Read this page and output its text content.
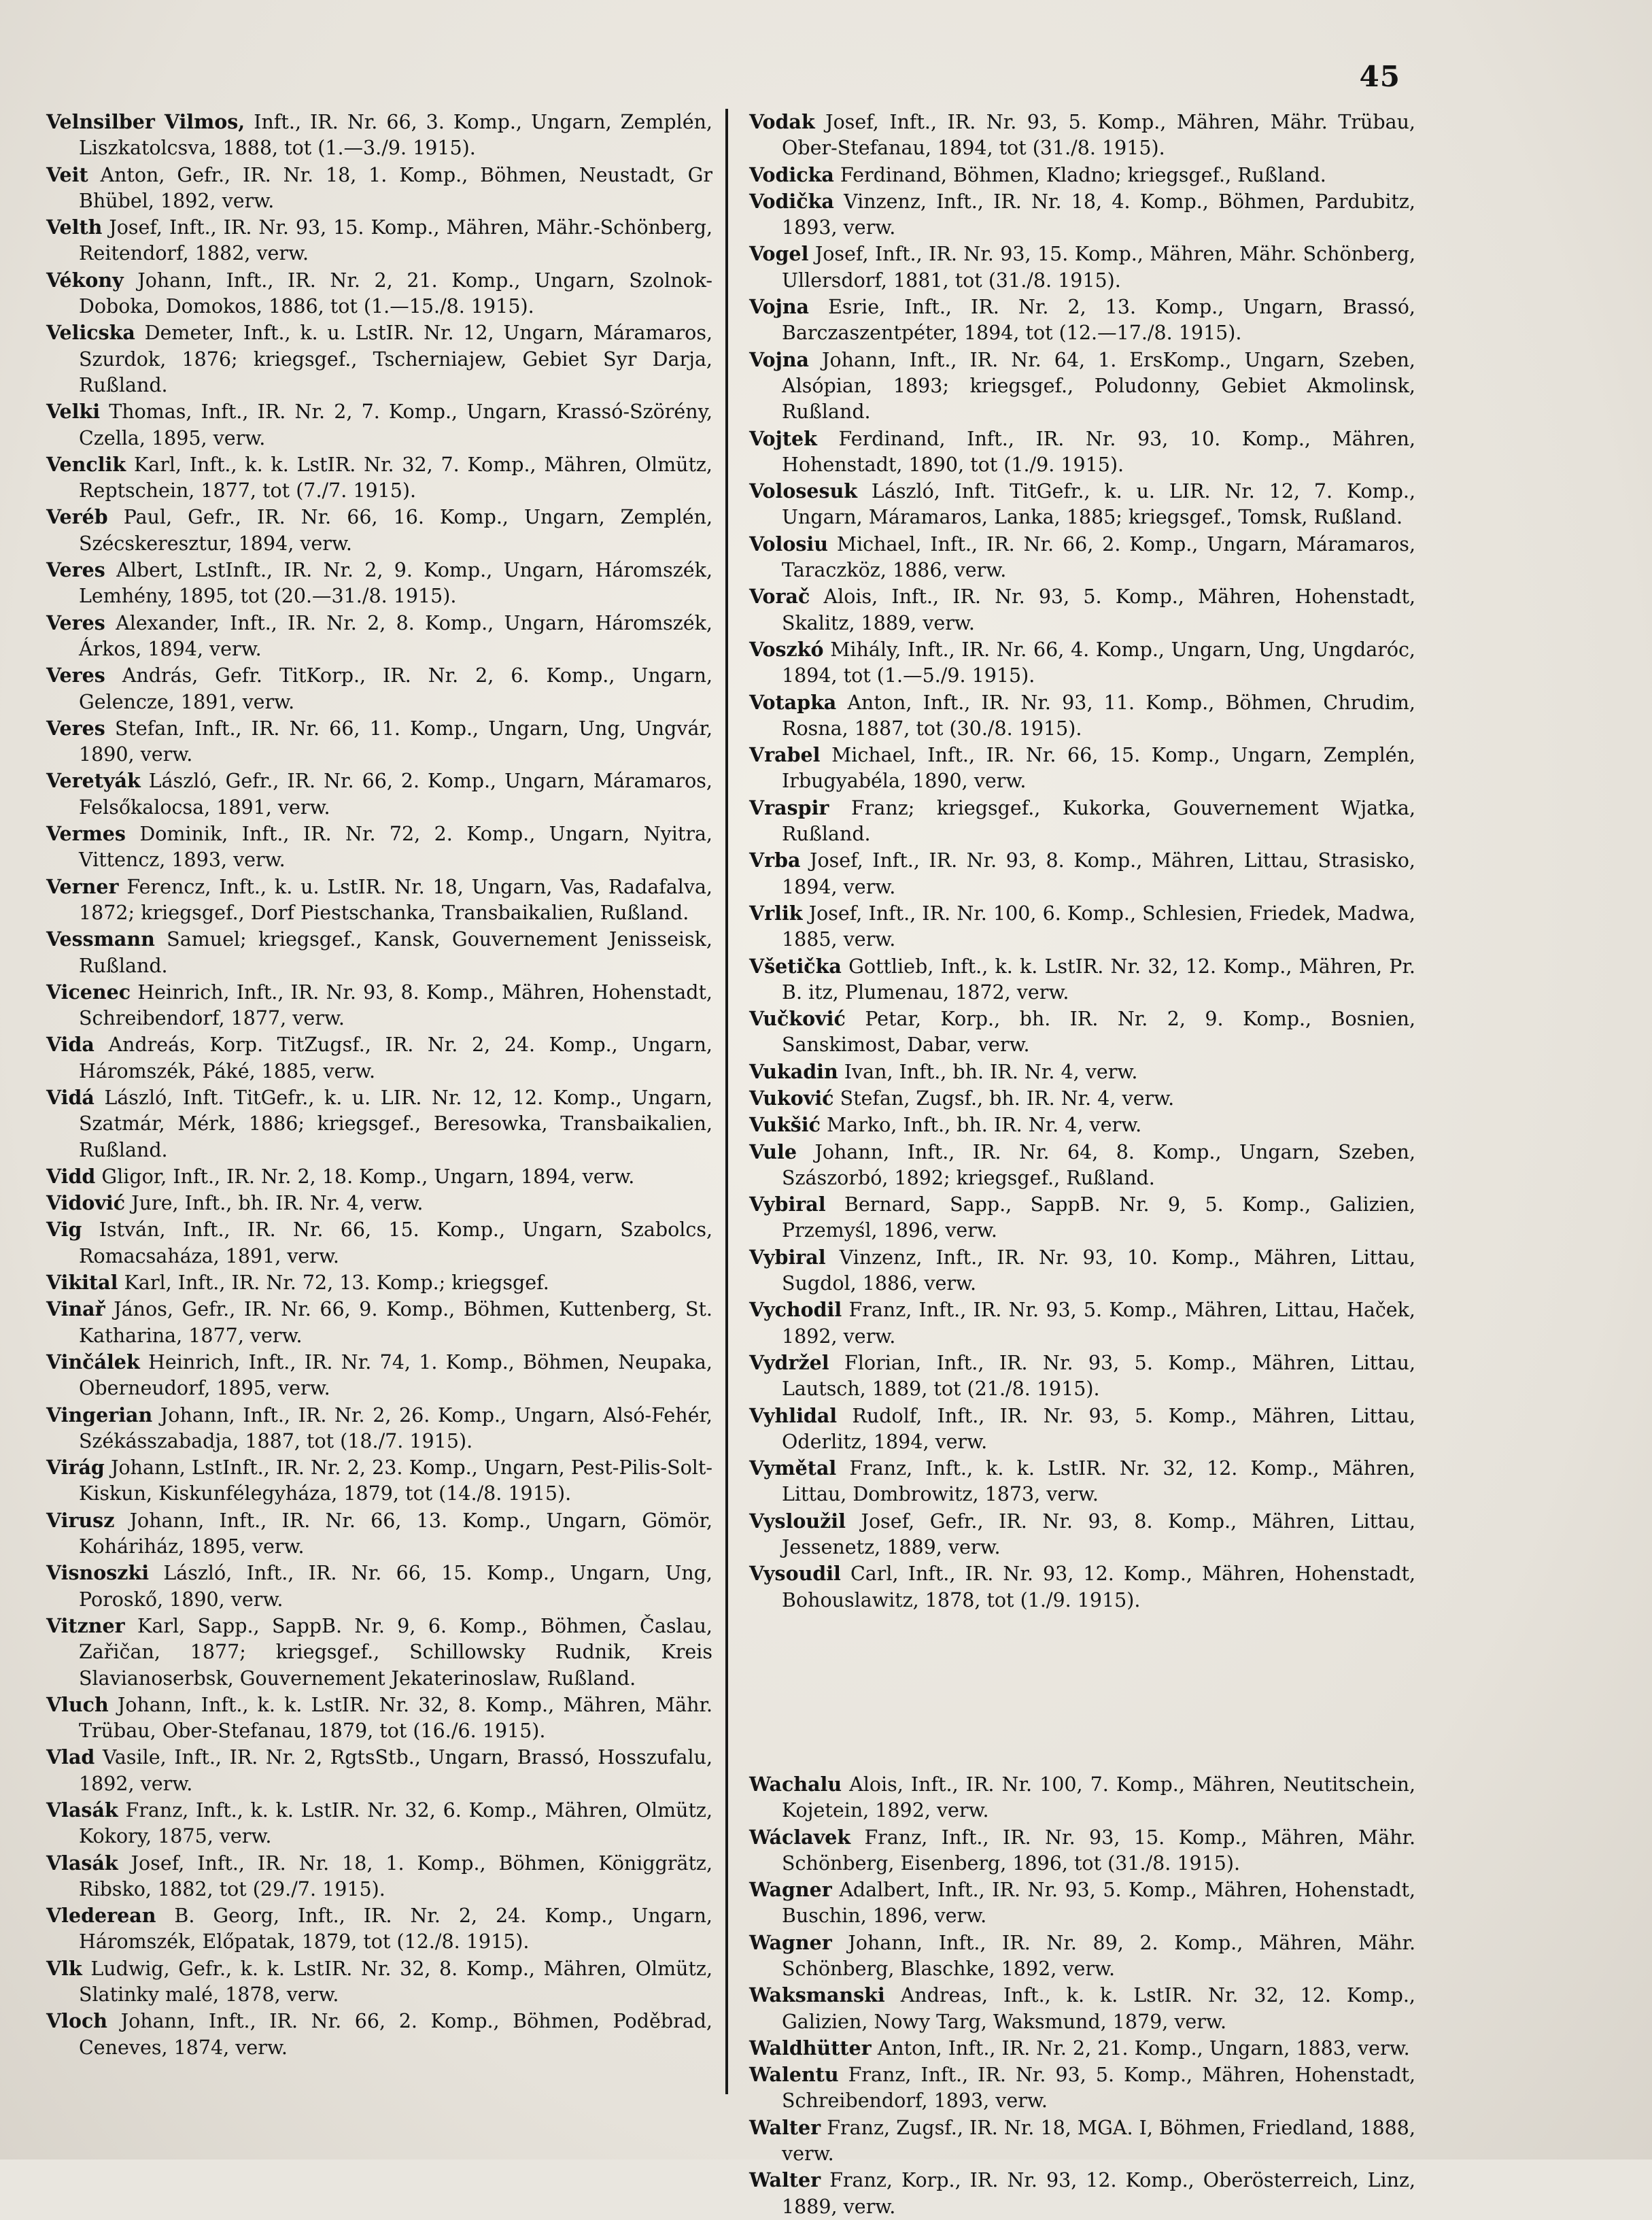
45

Velnsilber Vilmos, Inft., IR. Nr. 66, 3. Komp., Ungarn, Zemplén, Liszkatolcsva, 1888, tot (1.—3./9. 1915).

Veit Anton, Gefr., IR. Nr. 18, 1. Komp., Böhmen, Neustadt, Gr Bhübel, 1892, verw.

Velth Josef, Inft., IR. Nr. 93, 15. Komp., Mähren, Mähr.-Schönberg, Reitendorf, 1882, verw.

Vékony Johann, Inft., IR. Nr. 2, 21. Komp., Ungarn, Szolnok-Doboka, Domokos, 1886, tot (1.—15./8. 1915).

Velicska Demeter, Inft., k. u. LstIR. Nr. 12, Ungarn, Máramaros, Szurdok, 1876; kriegsgef., Tscherniajew, Gebiet Syr Darja, Rußland.

Velki Thomas, Inft., IR. Nr. 2, 7. Komp., Ungarn, Krassó-Szörény, Czella, 1895, verw.

Venclik Karl, Inft., k. k. LstIR. Nr. 32, 7. Komp., Mähren, Olmütz, Reptschein, 1877, tot (7./7. 1915).

Veréb Paul, Gefr., IR. Nr. 66, 16. Komp., Ungarn, Zemplén, Szécskeresztur, 1894, verw.

Veres Albert, LstInft., IR. Nr. 2, 9. Komp., Ungarn, Háromszék, Lemhény, 1895, tot (20.—31./8. 1915).

Veres Alexander, Inft., IR. Nr. 2, 8. Komp., Ungarn, Háromszék, Árkos, 1894, verw.

Veres András, Gefr. TitKorp., IR. Nr. 2, 6. Komp., Ungarn, Gelencze, 1891, verw.

Veres Stefan, Inft., IR. Nr. 66, 11. Komp., Ungarn, Ung, Ungvár, 1890, verw.

Veretyák László, Gefr., IR. Nr. 66, 2. Komp., Ungarn, Máramaros, Felsőkalocsa, 1891, verw.

Vermes Dominik, Inft., IR. Nr. 72, 2. Komp., Ungarn, Nyitra, Vittencz, 1893, verw.

Verner Ferencz, Inft., k. u. LstIR. Nr. 18, Ungarn, Vas, Radafalva, 1872; kriegsgef., Dorf Piestschanka, Transbaikalien, Rußland.

Vessmann Samuel; kriegsgef., Kansk, Gouvernement Jenisseisk, Rußland.

Vicenec Heinrich, Inft., IR. Nr. 93, 8. Komp., Mähren, Hohenstadt, Schreibendorf, 1877, verw.

Vida Andreás, Korp. TitZugsf., IR. Nr. 2, 24. Komp., Ungarn, Háromszék, Páké, 1885, verw.

Vidá László, Inft. TitGefr., k. u. LIR. Nr. 12, 12. Komp., Ungarn, Szatmár, Mérk, 1886; kriegsgef., Beresowka, Transbaikalien, Rußland.

Vidd Gligor, Inft., IR. Nr. 2, 18. Komp., Ungarn, 1894, verw.

Vidović Jure, Inft., bh. IR. Nr. 4, verw.

Vig István, Inft., IR. Nr. 66, 15. Komp., Ungarn, Szabolcs, Romacsaháza, 1891, verw.

Vikital Karl, Inft., IR. Nr. 72, 13. Komp.; kriegsgef.

Vinař János, Gefr., IR. Nr. 66, 9. Komp., Böhmen, Kuttenberg, St. Katharina, 1877, verw.

Vinčálek Heinrich, Inft., IR. Nr. 74, 1. Komp., Böhmen, Neupaka, Oberneudorf, 1895, verw.

Vingerian Johann, Inft., IR. Nr. 2, 26. Komp., Ungarn, Alsó-Fehér, Székásszabadja, 1887, tot (18./7. 1915).

Virág Johann, LstInft., IR. Nr. 2, 23. Komp., Ungarn, Pest-Pilis-Solt-Kiskun, Kiskunfélegyháza, 1879, tot (14./8. 1915).

Virusz Johann, Inft., IR. Nr. 66, 13. Komp., Ungarn, Gömör, Koháriház, 1895, verw.

Visnoszki László, Inft., IR. Nr. 66, 15. Komp., Ungarn, Ung, Poroskő, 1890, verw.

Vitzner Karl, Sapp., SappB. Nr. 9, 6. Komp., Böhmen, Časlau, Zařičan, 1877; kriegsgef., Schillowsky Rudnik, Kreis Slavianoserbsk, Gouvernement Jekaterinoslaw, Rußland.

Vluch Johann, Inft., k. k. LstIR. Nr. 32, 8. Komp., Mähren, Mähr. Trübau, Ober-Stefanau, 1879, tot (16./6. 1915).

Vlad Vasile, Inft., IR. Nr. 2, RgtsStb., Ungarn, Brassó, Hosszufalu, 1892, verw.

Vlasák Franz, Inft., k. k. LstIR. Nr. 32, 6. Komp., Mähren, Olmütz, Kokory, 1875, verw.

Vlasák Josef, Inft., IR. Nr. 18, 1. Komp., Böhmen, Königgrätz, Ribsko, 1882, tot (29./7. 1915).

Vlederean B. Georg, Inft., IR. Nr. 2, 24. Komp., Ungarn, Háromszék, Előpatak, 1879, tot (12./8. 1915).

Vlk Ludwig, Gefr., k. k. LstIR. Nr. 32, 8. Komp., Mähren, Olmütz, Slatinky malé, 1878, verw.

Vloch Johann, Inft., IR. Nr. 66, 2. Komp., Böhmen, Poděbrad, Ceneves, 1874, verw.

Vodak Josef, Inft., IR. Nr. 93, 5. Komp., Mähren, Mähr. Trübau, Ober-Stefanau, 1894, tot (31./8. 1915).

Vodicka Ferdinand, Böhmen, Kladno; kriegsgef., Rußland.

Vodička Vinzenz, Inft., IR. Nr. 18, 4. Komp., Böhmen, Pardubitz, 1893, verw.

Vogel Josef, Inft., IR. Nr. 93, 15. Komp., Mähren, Mähr. Schönberg, Ullersdorf, 1881, tot (31./8. 1915).

Vojna Esrie, Inft., IR. Nr. 2, 13. Komp., Ungarn, Brassó, Barczaszentpéter, 1894, tot (12.—17./8. 1915).

Vojna Johann, Inft., IR. Nr. 64, 1. ErsKomp., Ungarn, Szeben, Alsópian, 1893; kriegsgef., Poludonny, Gebiet Akmolinsk, Rußland.

Vojtek Ferdinand, Inft., IR. Nr. 93, 10. Komp., Mähren, Hohenstadt, 1890, tot (1./9. 1915).

Volosesuk László, Inft. TitGefr., k. u. LIR. Nr. 12, 7. Komp., Ungarn, Máramaros, Lanka, 1885; kriegsgef., Tomsk, Rußland.

Volosiu Michael, Inft., IR. Nr. 66, 2. Komp., Ungarn, Máramaros, Taraczköz, 1886, verw.

Vorač Alois, Inft., IR. Nr. 93, 5. Komp., Mähren, Hohenstadt, Skalitz, 1889, verw.

Voszkó Mihály, Inft., IR. Nr. 66, 4. Komp., Ungarn, Ung, Ungdaróc, 1894, tot (1.—5./9. 1915).

Votapka Anton, Inft., IR. Nr. 93, 11. Komp., Böhmen, Chrudim, Rosna, 1887, tot (30./8. 1915).

Vrabel Michael, Inft., IR. Nr. 66, 15. Komp., Ungarn, Zemplén, Irbugyabéla, 1890, verw.

Vraspir Franz; kriegsgef., Kukorka, Gouvernement Wjatka, Rußland.

Vrba Josef, Inft., IR. Nr. 93, 8. Komp., Mähren, Littau, Strasisko, 1894, verw.

Vrlik Josef, Inft., IR. Nr. 100, 6. Komp., Schlesien, Friedek, Madwa, 1885, verw.

Všetička Gottlieb, Inft., k. k. LstIR. Nr. 32, 12. Komp., Mähren, Pr. B. itz, Plumenau, 1872, verw.

Vučković Petar, Korp., bh. IR. Nr. 2, 9. Komp., Bosnien, Sanskimost, Dabar, verw.

Vukadin Ivan, Inft., bh. IR. Nr. 4, verw.

Vuković Stefan, Zugsf., bh. IR. Nr. 4, verw.

Vukšić Marko, Inft., bh. IR. Nr. 4, verw.

Vule Johann, Inft., IR. Nr. 64, 8. Komp., Ungarn, Szeben, Szászorbó, 1892; kriegsgef., Rußland.

Vybiral Bernard, Sapp., SappB. Nr. 9, 5. Komp., Galizien, Przemyśl, 1896, verw.

Vybiral Vinzenz, Inft., IR. Nr. 93, 10. Komp., Mähren, Littau, Sugdol, 1886, verw.

Vychodil Franz, Inft., IR. Nr. 93, 5. Komp., Mähren, Littau, Haček, 1892, verw.

Vydržel Florian, Inft., IR. Nr. 93, 5. Komp., Mähren, Littau, Lautsch, 1889, tot (21./8. 1915).

Vyhlidal Rudolf, Inft., IR. Nr. 93, 5. Komp., Mähren, Littau, Oderlitz, 1894, verw.

Vymětal Franz, Inft., k. k. LstIR. Nr. 32, 12. Komp., Mähren, Littau, Dombrowitz, 1873, verw.

Vysloužil Josef, Gefr., IR. Nr. 93, 8. Komp., Mähren, Littau, Jessenetz, 1889, verw.

Vysoudil Carl, Inft., IR. Nr. 93, 12. Komp., Mähren, Hohenstadt, Bohouslawitz, 1878, tot (1./9. 1915).

Wachalu Alois, Inft., IR. Nr. 100, 7. Komp., Mähren, Neutitschein, Kojetein, 1892, verw.

Wáclavek Franz, Inft., IR. Nr. 93, 15. Komp., Mähren, Mähr. Schönberg, Eisenberg, 1896, tot (31./8. 1915).

Wagner Adalbert, Inft., IR. Nr. 93, 5. Komp., Mähren, Hohenstadt, Buschin, 1896, verw.

Wagner Johann, Inft., IR. Nr. 89, 2. Komp., Mähren, Mähr. Schönberg, Blaschke, 1892, verw.

Waksmanski Andreas, Inft., k. k. LstIR. Nr. 32, 12. Komp., Galizien, Nowy Targ, Waksmund, 1879, verw.

Waldhütter Anton, Inft., IR. Nr. 2, 21. Komp., Ungarn, 1883, verw.

Walentu Franz, Inft., IR. Nr. 93, 5. Komp., Mähren, Hohenstadt, Schreibendorf, 1893, verw.

Walter Franz, Zugsf., IR. Nr. 18, MGA. I, Böhmen, Friedland, 1888, verw.

Walter Franz, Korp., IR. Nr. 93, 12. Komp., Oberösterreich, Linz, 1889, verw.
